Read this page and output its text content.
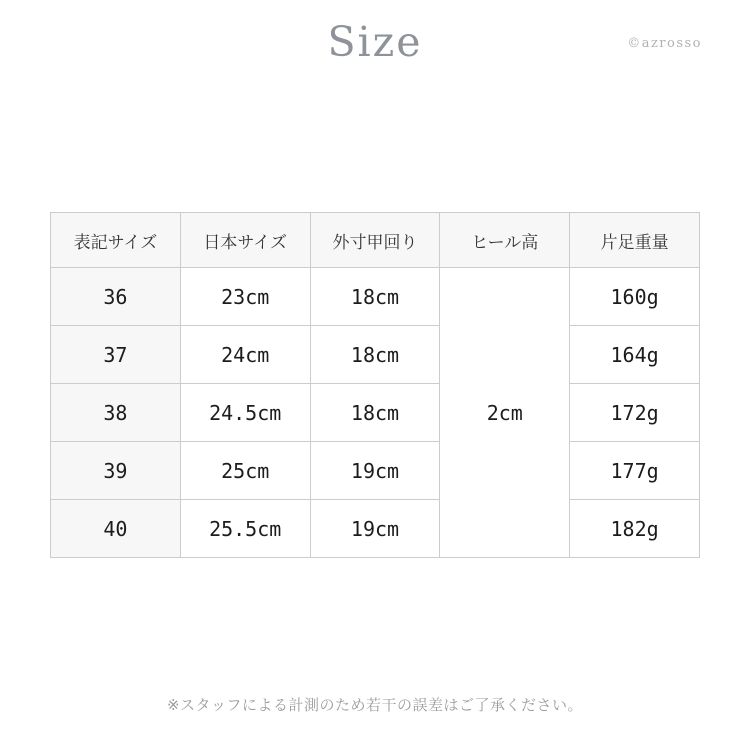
Size	©azrosso
表記サイズ	日本サイズ	外寸甲回り	ヒール高	片足重量
36	23cm	18cm	2cm	160g
37	24cm	18cm		164g
38	24.5cm	18cm		172g
39	25cm	19cm		177g
40	25.5cm	19cm		182g
※スタッフによる計測のため若干の誤差はご了承ください。
